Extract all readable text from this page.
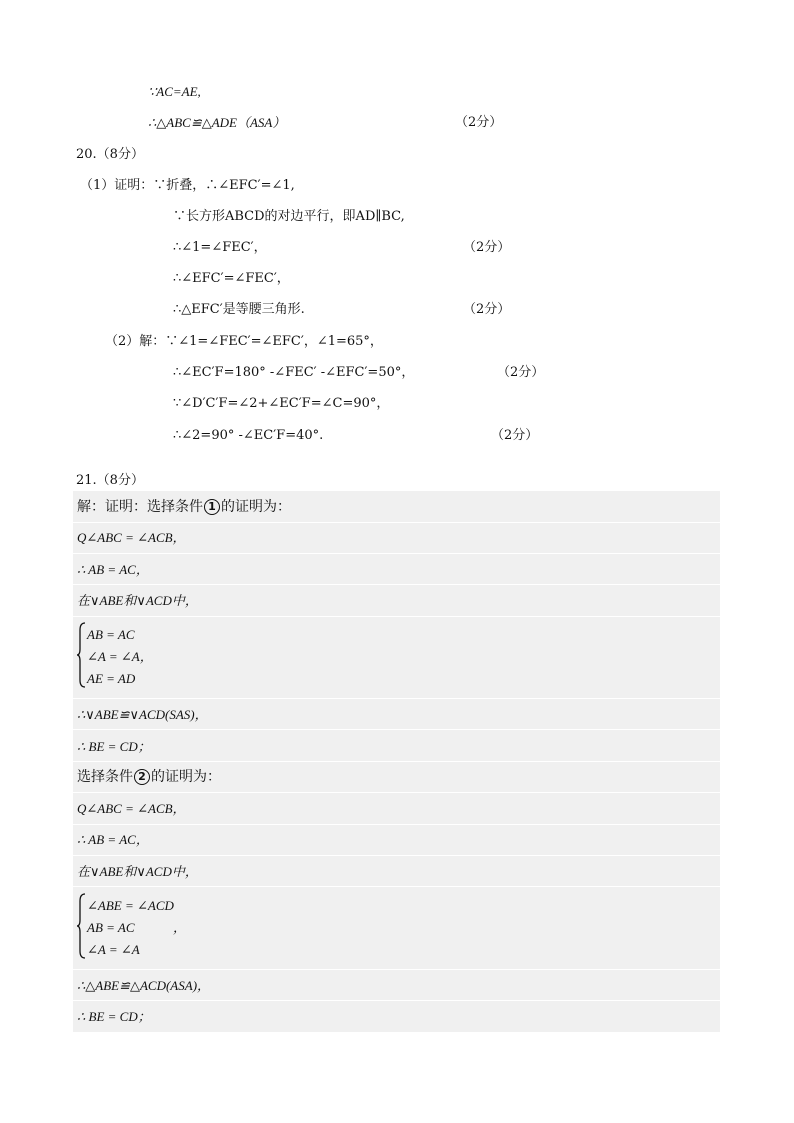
∵AC=AE,
∴△ABC≌△ADE（ASA）	（2分）
20.（8分）
（1）证明：∵折叠，∴∠EFC′=∠1,
∵长方形ABCD的对边平行，即AD∥BC,
∴∠1=∠FEC′，	（2分）
∴∠EFC′=∠FEC′，
∴△EFC′是等腰三角形.	（2分）
（2）解：∵∠1=∠FEC′=∠EFC′，∠1=65°，
∴∠EC′F=180° -∠FEC′ -∠EFC′=50°，	（2分）
∵∠D′C′F=∠2+∠EC′F=∠C=90°，
∴∠2=90° -∠EC′F=40°.	（2分）
21.（8分）
解：证明：选择条件 1 的证明为：
Q∠ABC = ∠ACB，
∴ AB = AC，
在∨ABE和∨ACD中，
AB = AC
∠A = ∠A，
AE = AD
∴∨ABE≌∨ACD(SAS)，
∴ BE = CD；
选择条件 2 的证明为：
Q∠ABC = ∠ACB，
∴ AB = AC，
在∨ABE和∨ACD中，
∠ABE = ∠ACD
AB = AC	，
∠A = ∠A
∴△ABE≌△ACD(ASA)，
∴ BE = CD；
